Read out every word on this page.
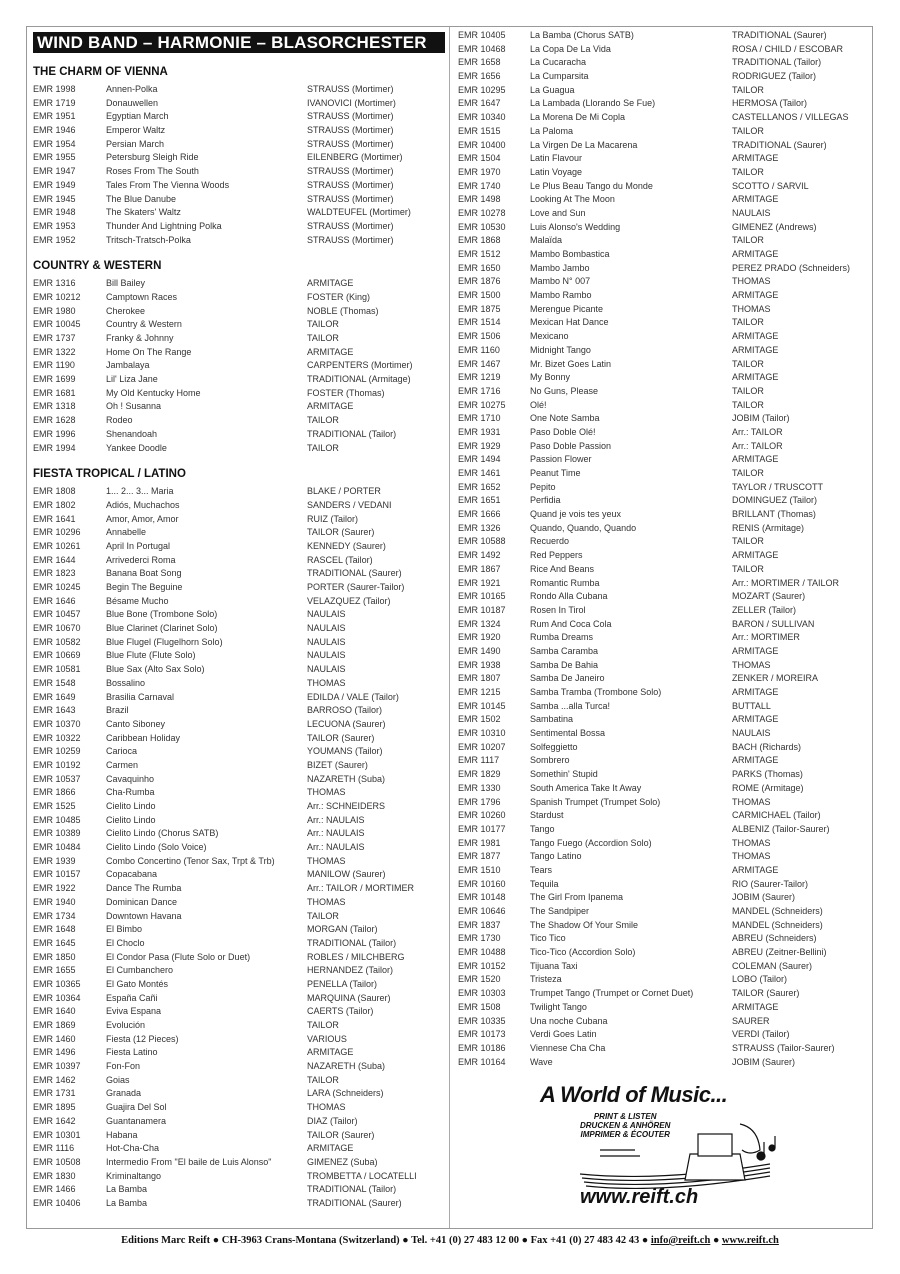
WIND BAND – HARMONIE – BLASORCHESTER
THE CHARM OF VIENNA
EMR 1998	Annen-Polka	STRAUSS (Mortimer)
EMR 1719	Donauwellen	IVANOVICI (Mortimer)
EMR 1951	Egyptian March	STRAUSS (Mortimer)
EMR 1946	Emperor Waltz	STRAUSS (Mortimer)
EMR 1954	Persian March	STRAUSS (Mortimer)
EMR 1955	Petersburg Sleigh Ride	EILENBERG (Mortimer)
EMR 1947	Roses From The South	STRAUSS (Mortimer)
EMR 1949	Tales From The Vienna Woods	STRAUSS (Mortimer)
EMR 1945	The Blue Danube	STRAUSS (Mortimer)
EMR 1948	The Skaters' Waltz	WALDTEUFEL (Mortimer)
EMR 1953	Thunder And Lightning Polka	STRAUSS (Mortimer)
EMR 1952	Tritsch-Tratsch-Polka	STRAUSS (Mortimer)
COUNTRY & WESTERN
EMR 1316	Bill Bailey	ARMITAGE
EMR 10212	Camptown Races	FOSTER (King)
EMR 1980	Cherokee	NOBLE (Thomas)
EMR 10045	Country & Western	TAILOR
EMR 1737	Franky & Johnny	TAILOR
EMR 1322	Home On The Range	ARMITAGE
EMR 1190	Jambalaya	CARPENTERS (Mortimer)
EMR 1699	Lil' Liza Jane	TRADITIONAL (Armitage)
EMR 1681	My Old Kentucky Home	FOSTER (Thomas)
EMR 1318	Oh ! Susanna	ARMITAGE
EMR 1628	Rodeo	TAILOR
EMR 1996	Shenandoah	TRADITIONAL (Tailor)
EMR 1994	Yankee Doodle	TAILOR
FIESTA TROPICAL / LATINO
EMR 1808	1... 2... 3... Maria	BLAKE / PORTER
EMR 1802	Adiós, Muchachos	SANDERS / VEDANI
EMR 1641	Amor, Amor, Amor	RUIZ (Tailor)
EMR 10296	Annabelle	TAILOR (Saurer)
EMR 10261	April In Portugal	KENNEDY (Saurer)
EMR 1644	Arrivederci Roma	RASCEL (Tailor)
EMR 1823	Banana Boat Song	TRADITIONAL (Saurer)
EMR 10245	Begin The Beguine	PORTER (Saurer-Tailor)
EMR 1646	Bésame Mucho	VELAZQUEZ (Tailor)
EMR 10457	Blue Bone (Trombone Solo)	NAULAIS
EMR 10670	Blue Clarinet (Clarinet Solo)	NAULAIS
EMR 10582	Blue Flugel (Flugelhorn Solo)	NAULAIS
EMR 10669	Blue Flute (Flute Solo)	NAULAIS
EMR 10581	Blue Sax (Alto Sax Solo)	NAULAIS
EMR 1548	Bossalino	THOMAS
EMR 1649	Brasilia Carnaval	EDILDA / VALE (Tailor)
EMR 1643	Brazil	BARROSO (Tailor)
EMR 10370	Canto Siboney	LECUONA (Saurer)
EMR 10322	Caribbean Holiday	TAILOR (Saurer)
EMR 10259	Carioca	YOUMANS (Tailor)
EMR 10192	Carmen	BIZET (Saurer)
EMR 10537	Cavaquinho	NAZARETH (Suba)
EMR 1866	Cha-Rumba	THOMAS
EMR 1525	Cielito Lindo	Arr.: SCHNEIDERS
EMR 10485	Cielito Lindo	Arr.: NAULAIS
EMR 10389	Cielito Lindo (Chorus SATB)	Arr.: NAULAIS
EMR 10484	Cielito Lindo (Solo Voice)	Arr.: NAULAIS
EMR 1939	Combo Concertino (Tenor Sax, Trpt & Trb)	THOMAS
EMR 10157	Copacabana	MANILOW (Saurer)
EMR 1922	Dance The Rumba	Arr.: TAILOR / MORTIMER
EMR 1940	Dominican Dance	THOMAS
EMR 1734	Downtown Havana	TAILOR
EMR 1648	El Bimbo	MORGAN (Tailor)
EMR 1645	El Choclo	TRADITIONAL (Tailor)
EMR 1850	El Condor Pasa (Flute Solo or Duet)	ROBLES / MILCHBERG
EMR 1655	El Cumbanchero	HERNANDEZ (Tailor)
EMR 10365	El Gato Montés	PENELLA (Tailor)
EMR 10364	España Cañi	MARQUINA (Saurer)
EMR 1640	Eviva Espana	CAERTS (Tailor)
EMR 1869	Evolución	TAILOR
EMR 1460	Fiesta (12 Pieces)	VARIOUS
EMR 1496	Fiesta Latino	ARMITAGE
EMR 10397	Fon-Fon	NAZARETH (Suba)
EMR 1462	Goias	TAILOR
EMR 1731	Granada	LARA (Schneiders)
EMR 1895	Guajira Del Sol	THOMAS
EMR 1642	Guantanamera	DIAZ (Tailor)
EMR 10301	Habana	TAILOR (Saurer)
EMR 1116	Hot-Cha-Cha	ARMITAGE
EMR 10508	Intermedio From "El baile de Luis Alonso"	GIMENEZ (Suba)
EMR 1830	Kriminaltango	TROMBETTA / LOCATELLI
EMR 1466	La Bamba	TRADITIONAL (Tailor)
EMR 10406	La Bamba	TRADITIONAL (Saurer)
EMR 10405	La Bamba (Chorus SATB)	TRADITIONAL (Saurer)
EMR 10468	La Copa De La Vida	ROSA / CHILD / ESCOBAR
EMR 1658	La Cucaracha	TRADITIONAL (Tailor)
EMR 1656	La Cumparsita	RODRIGUEZ (Tailor)
EMR 10295	La Guagua	TAILOR
EMR 1647	La Lambada (Llorando Se Fue)	HERMOSA (Tailor)
EMR 10340	La Morena De Mi Copla	CASTELLANOS / VILLEGAS
EMR 1515	La Paloma	TAILOR
EMR 10400	La Virgen De La Macarena	TRADITIONAL (Saurer)
EMR 1504	Latin Flavour	ARMITAGE
EMR 1970	Latin Voyage	TAILOR
EMR 1740	Le Plus Beau Tango du Monde	SCOTTO / SARVIL
EMR 1498	Looking At The Moon	ARMITAGE
EMR 10278	Love and Sun	NAULAIS
EMR 10530	Luis Alonso's Wedding	GIMENEZ (Andrews)
EMR 1868	Malaïda	TAILOR
EMR 1512	Mambo Bombastica	ARMITAGE
EMR 1650	Mambo Jambo	PEREZ PRADO (Schneiders)
EMR 1876	Mambo N° 007	THOMAS
EMR 1500	Mambo Rambo	ARMITAGE
EMR 1875	Merengue Picante	THOMAS
EMR 1514	Mexican Hat Dance	TAILOR
EMR 1506	Mexicano	ARMITAGE
EMR 1160	Midnight Tango	ARMITAGE
EMR 1467	Mr. Bizet Goes Latin	TAILOR
EMR 1219	My Bonny	ARMITAGE
EMR 1716	No Guns, Please	TAILOR
EMR 10275	Olé!	TAILOR
EMR 1710	One Note Samba	JOBIM (Tailor)
EMR 1931	Paso Doble Olé!	Arr.: TAILOR
EMR 1929	Paso Doble Passion	Arr.: TAILOR
EMR 1494	Passion Flower	ARMITAGE
EMR 1461	Peanut Time	TAILOR
EMR 1652	Pepito	TAYLOR / TRUSCOTT
EMR 1651	Perfidia	DOMINGUEZ (Tailor)
EMR 1666	Quand je vois tes yeux	BRILLANT (Thomas)
EMR 1326	Quando, Quando, Quando	RENIS (Armitage)
EMR 10588	Recuerdo	TAILOR
EMR 1492	Red Peppers	ARMITAGE
EMR 1867	Rice And Beans	TAILOR
EMR 1921	Romantic Rumba	Arr.: MORTIMER / TAILOR
EMR 10165	Rondo Alla Cubana	MOZART (Saurer)
EMR 10187	Rosen In Tirol	ZELLER (Tailor)
EMR 1324	Rum And Coca Cola	BARON / SULLIVAN
EMR 1920	Rumba Dreams	Arr.: MORTIMER
EMR 1490	Samba Caramba	ARMITAGE
EMR 1938	Samba De Bahia	THOMAS
EMR 1807	Samba De Janeiro	ZENKER / MOREIRA
EMR 1215	Samba Tramba (Trombone Solo)	ARMITAGE
EMR 10145	Samba ...alla Turca!	BUTTALL
EMR 1502	Sambatina	ARMITAGE
EMR 10310	Sentimental Bossa	NAULAIS
EMR 10207	Solfeggietto	BACH (Richards)
EMR 1117	Sombrero	ARMITAGE
EMR 1829	Somethin' Stupid	PARKS (Thomas)
EMR 1330	South America Take It Away	ROME (Armitage)
EMR 1796	Spanish Trumpet (Trumpet Solo)	THOMAS
EMR 10260	Stardust	CARMICHAEL (Tailor)
EMR 10177	Tango	ALBENIZ (Tailor-Saurer)
EMR 1981	Tango Fuego (Accordion Solo)	THOMAS
EMR 1877	Tango Latino	THOMAS
EMR 1510	Tears	ARMITAGE
EMR 10160	Tequila	RIO (Saurer-Tailor)
EMR 10148	The Girl From Ipanema	JOBIM (Saurer)
EMR 10646	The Sandpiper	MANDEL (Schneiders)
EMR 1837	The Shadow Of Your Smile	MANDEL (Schneiders)
EMR 1730	Tico Tico	ABREU (Schneiders)
EMR 10488	Tico-Tico (Accordion Solo)	ABREU (Zeitner-Bellini)
EMR 10152	Tijuana Taxi	COLEMAN (Saurer)
EMR 1520	Tristeza	LOBO (Tailor)
EMR 10303	Trumpet Tango (Trumpet or Cornet Duet)	TAILOR (Saurer)
EMR 1508	Twilight Tango	ARMITAGE
EMR 10335	Una noche Cubana	SAURER
EMR 10173	Verdi Goes Latin	VERDI (Tailor)
EMR 10186	Viennese Cha Cha	STRAUSS (Tailor-Saurer)
EMR 10164	Wave	JOBIM (Saurer)
A World of Music...
PRINT & LISTEN
DRUCKEN & ANHÖREN
IMPRIMER & ÉCOUTER
www.reift.ch
Editions Marc Reift ● CH-3963 Crans-Montana (Switzerland) ● Tel. +41 (0) 27 483 12 00 ● Fax +41 (0) 27 483 42 43 ● info@reift.ch ● www.reift.ch
